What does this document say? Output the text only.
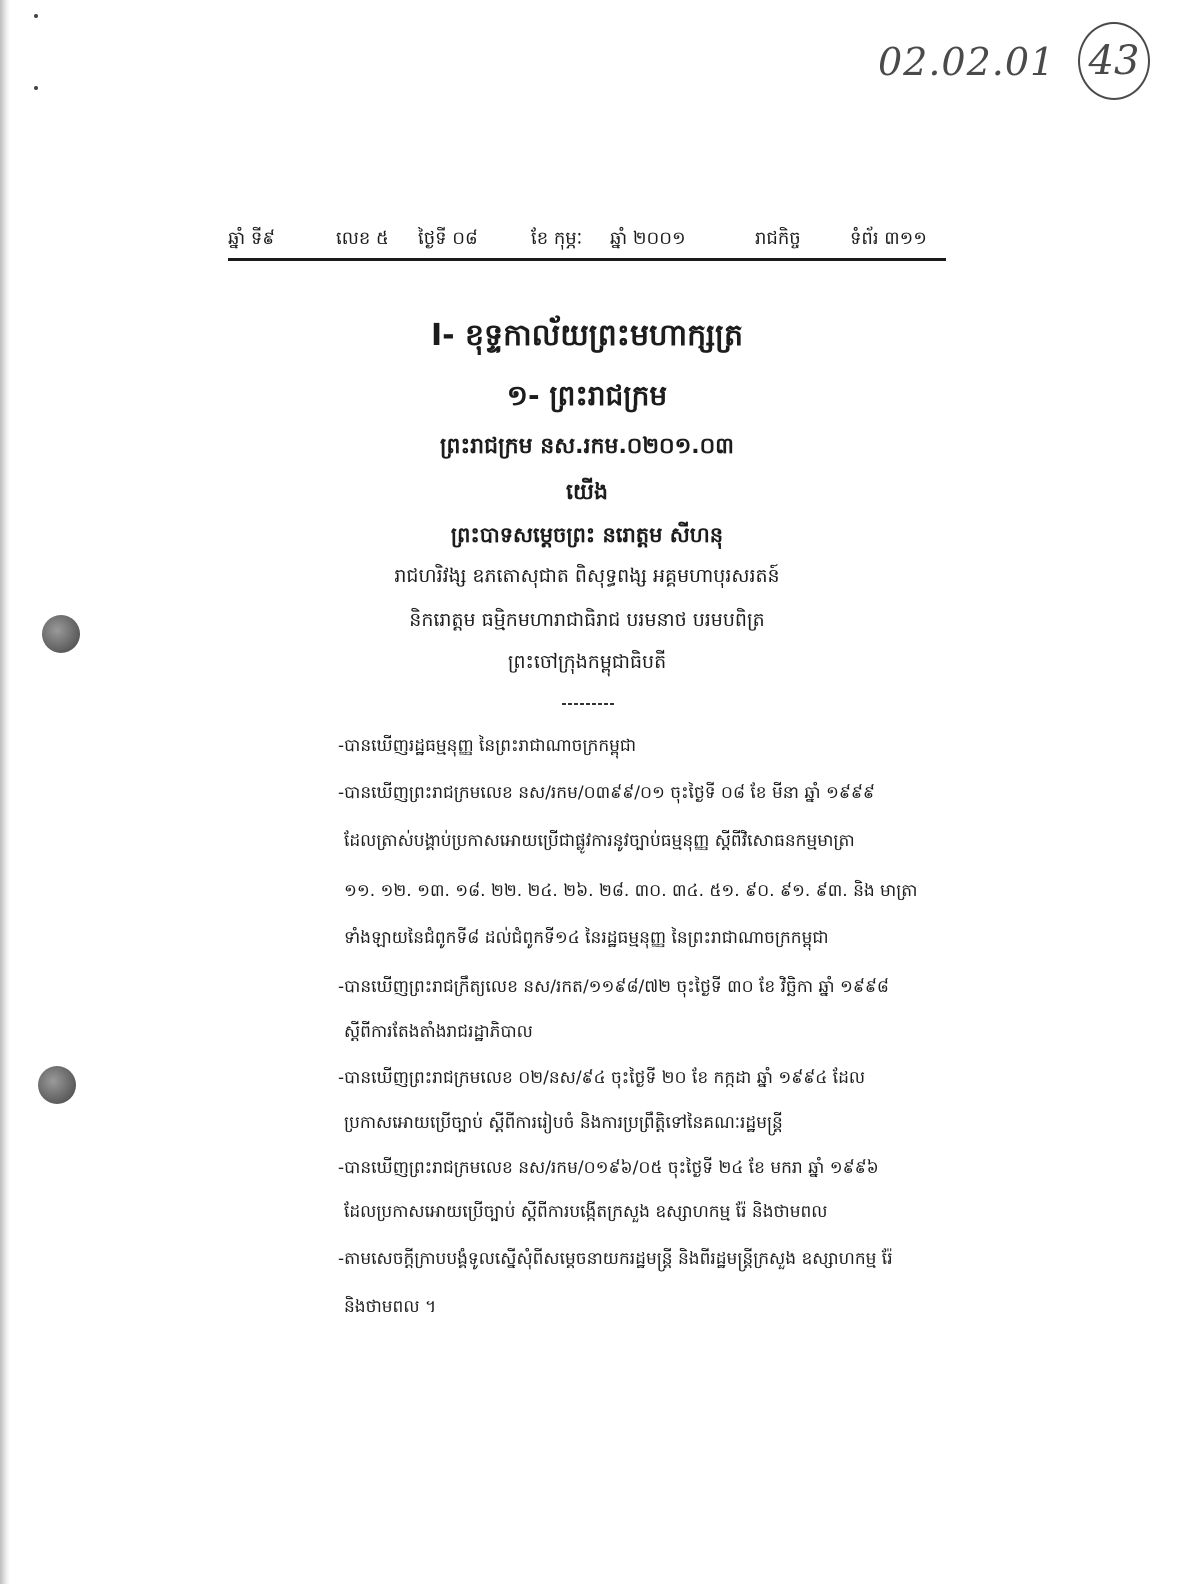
02.02.01 43
ឆ្នាំ ទី៩	លេខ ៥ ថ្ងៃទី ០៨	ខែ កុម្ភៈ ឆ្នាំ ២០០១	រាជកិច្ច	ទំព័រ ៣១១
I- ខុទ្ទកាល័យព្រះមហាក្សត្រ
១- ព្រះរាជក្រម
ព្រះរាជក្រម នស.រកម.០២០១.០៣
យើង
ព្រះបាទសម្តេចព្រះ នរោត្តម សីហនុ
រាជហរិវង្ស ឧភតោសុជាត ពិសុទ្ធពង្ស អគ្គមហាបុរសរតន៍
និករោត្តម ធម្មិកមហារាជាធិរាជ បរមនាថ បរមបពិត្រ
ព្រះចៅក្រុងកម្ពុជាធិបតី
-បានឃើញរដ្ឋធម្មនុញ្ញ នៃព្រះរាជាណាចក្រកម្ពុជា
-បានឃើញព្រះរាជក្រមលេខ នស/រកម/០៣៩៩/០១ ចុះថ្ងៃទី ០៨ ខែ មីនា ឆ្នាំ ១៩៩៩
ដែលត្រាស់បង្គាប់ប្រកាសអោយប្រើជាផ្លូវការនូវច្បាប់ធម្មនុញ្ញ ស្តីពីវិសោធនកម្មមាត្រា
១១. ១២. ១៣. ១៨. ២២. ២៤. ២៦. ២៨. ៣០. ៣៤. ៥១. ៩០. ៩១. ៩៣. និង មាត្រា
ទាំងឡាយនៃជំពូកទី៨ ដល់ជំពូកទី១៤ នៃរដ្ឋធម្មនុញ្ញ នៃព្រះរាជាណាចក្រកម្ពុជា
-បានឃើញព្រះរាជក្រឹត្យលេខ នស/រកត/១១៩៨/៧២ ចុះថ្ងៃទី ៣០ ខែ វិច្ឆិកា ឆ្នាំ ១៩៩៨
ស្តីពីការតែងតាំងរាជរដ្ឋាភិបាល
-បានឃើញព្រះរាជក្រមលេខ ០២/នស/៩៤ ចុះថ្ងៃទី ២០ ខែ កក្កដា ឆ្នាំ ១៩៩៤ ដែល
ប្រកាសអោយប្រើច្បាប់ ស្តីពីការរៀបចំ និងការប្រព្រឹត្តិទៅនៃគណៈរដ្ឋមន្ត្រី
-បានឃើញព្រះរាជក្រមលេខ នស/រកម/០១៩៦/០៥ ចុះថ្ងៃទី ២៤ ខែ មករា ឆ្នាំ ១៩៩៦
ដែលប្រកាសអោយប្រើច្បាប់ ស្តីពីការបង្កើតក្រសួង ឧស្សាហកម្ម រ៉ែ និងថាមពល
-តាមសេចក្តីក្រាបបង្គំទូលស្នើសុំពីសម្តេចនាយករដ្ឋមន្ត្រី និងពីរដ្ឋមន្ត្រីក្រសួង ឧស្សាហកម្ម រ៉ែ
និងថាមពល ។
